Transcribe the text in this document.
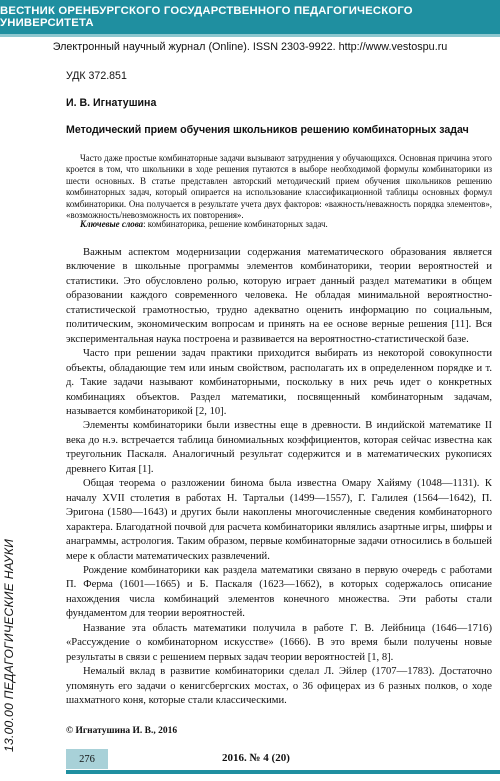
ВЕСТНИК ОРЕНБУРГСКОГО ГОСУДАРСТВЕННОГО ПЕДАГОГИЧЕСКОГО УНИВЕРСИТЕТА
Электронный научный журнал (Online). ISSN 2303-9922. http://www.vestospu.ru
УДК 372.851
И. В. Игнатушина
Методический прием обучения школьников решению комбинаторных задач

Часто даже простые комбинаторные задачи вызывают затруднения у обучающихся. Основная причина этого кроется в том, что школьники в ходе решения путаются в выборе необходимой формулы комбинаторики из шести основных. В статье представлен авторский методический прием обучения школьников решению комбинаторных задач, который опирается на использование классификационной таблицы основных формул комбинаторики. Она получается в результате учета двух факторов: «важность/неважность порядка элементов», «возможность/невозможность их повторения».

Ключевые слова: комбинаторика, решение комбинаторных задач.

Важным аспектом модернизации содержания математического образования является включение в школьные программы элементов комбинаторики, теории вероятностей и статистики. Это обусловлено ролью, которую играет данный раздел математики в общем образовании каждого современного человека. Не обладая минимальной вероятностно-статистической грамотностью, трудно адекватно оценить информацию по социальным, политическим, экономическим вопросам и принять на ее основе верные решения [11]. Вся экспериментальная наука построена и развивается на вероятностно-статистической базе.

Часто при решении задач практики приходится выбирать из некоторой совокупности объекты, обладающие тем или иным свойством, располагать их в определенном порядке и т. д. Такие задачи называют комбинаторными, поскольку в них речь идет о конкретных комбинациях объектов. Раздел математики, посвященный комбинаторным задачам, называется комбинаторикой [2, 10].

Элементы комбинаторики были известны еще в древности. В индийской математике II века до н.э. встречается таблица биномиальных коэффициентов, которая сейчас известна как треугольник Паскаля. Аналогичный результат содержится и в математических рукописях древнего Китая [1].

Общая теорема о разложении бинома была известна Омару Хайяму (1048—1131). К началу XVII столетия в работах Н. Тартальи (1499—1557), Г. Галилея (1564—1642), П. Эригона (1580—1643) и других были накоплены многочисленные сведения комбинаторного характера. Благодатной почвой для расчета комбинаторики являлись азартные игры, шифры и анаграммы, астрология. Таким образом, первые комбинаторные задачи относились в большей мере к области математических развлечений.

Рождение комбинаторики как раздела математики связано в первую очередь с работами П. Ферма (1601—1665) и Б. Паскаля (1623—1662), в которых содержалось описание нахождения числа комбинаций элементов конечного множества. Эти работы стали фундаментом для теории вероятностей.

Название эта область математики получила в работе Г. В. Лейбница (1646—1716) «Рассуждение о комбинаторном искусстве» (1666). В это время были получены новые результаты в связи с решением первых задач теории вероятностей [1, 8].

Немалый вклад в развитие комбинаторики сделал Л. Эйлер (1707—1783). Достаточно упомянуть его задачи о кенигсбергских мостах, о 36 офицерах из 6 разных полков, о ходе шахматного коня, которые стали классическими.

© Игнатушина И. В., 2016
13.00.00 ПЕДАГОГИЧЕСКИЕ НАУКИ
276	2016. № 4 (20)
